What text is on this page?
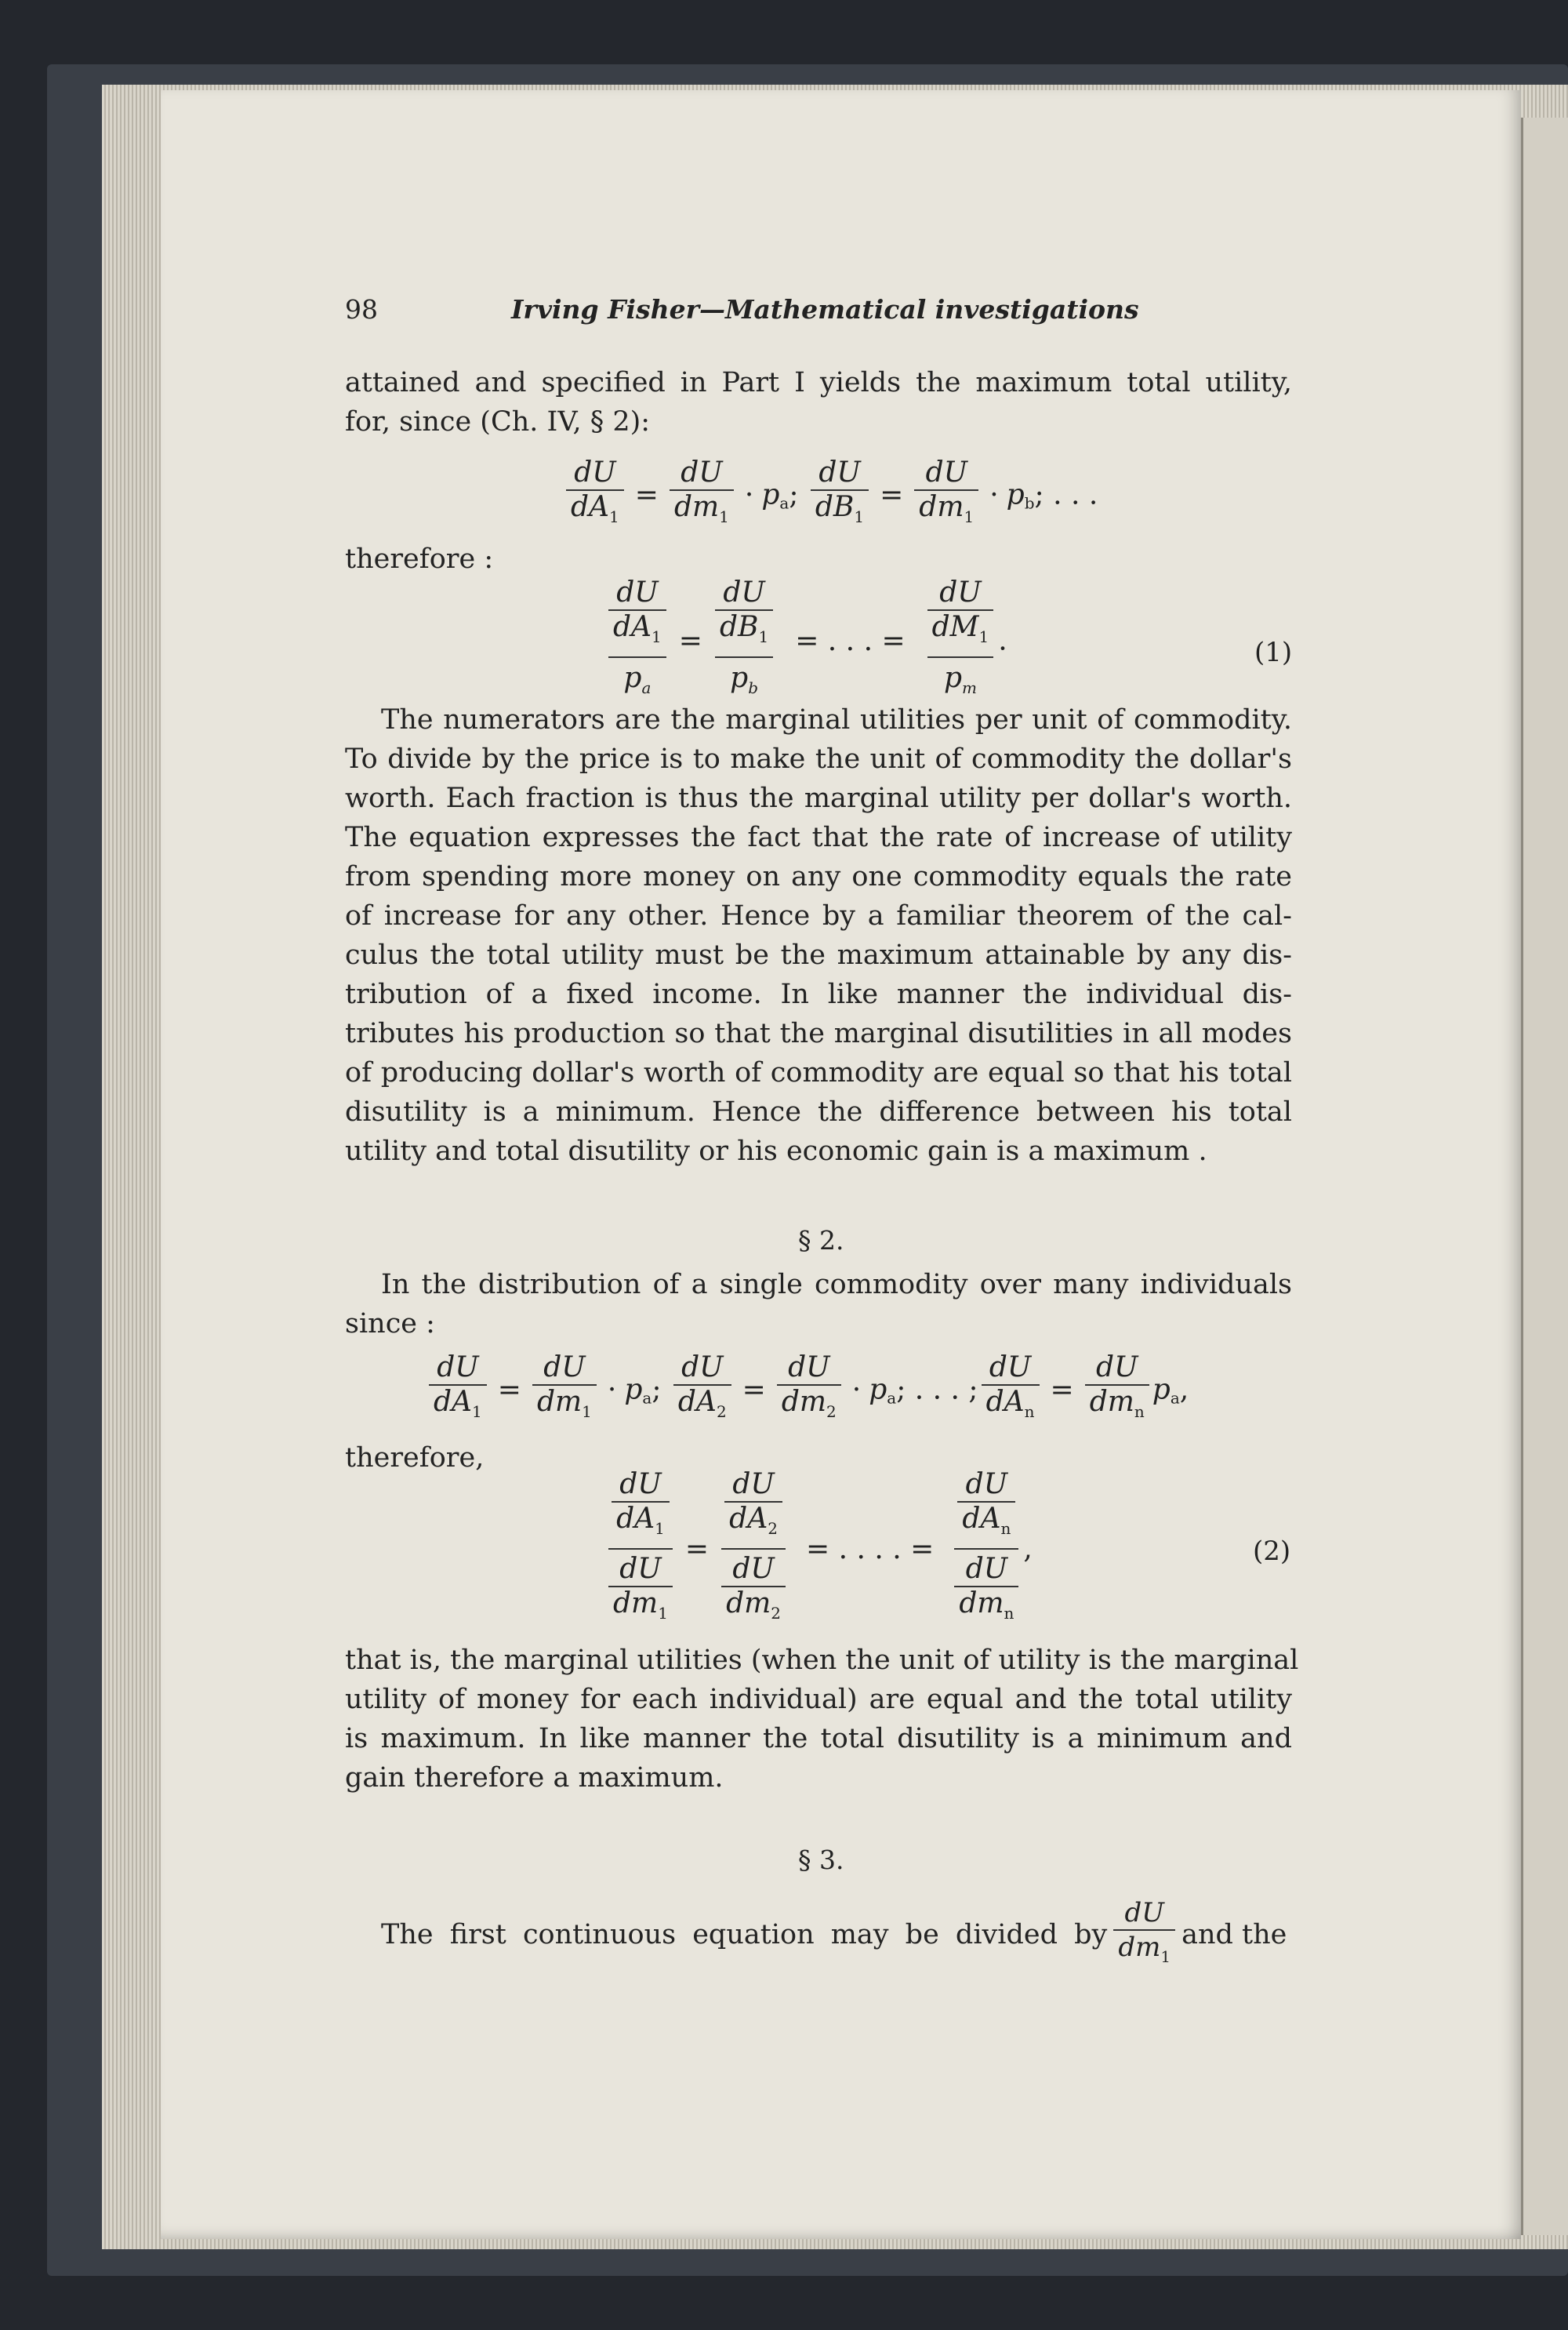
98	Irving Fisher—Mathematical investigations
attained and specified in Part I yields the maximum total utility,
for, since (Ch. IV, § 2):
$\frac{dU}{dA_1} = \frac{dU}{dm_1} \cdot p_a$; $\frac{dU}{dB_1} = \frac{dU}{dm_1} \cdot p_b$; . . .
therefore :
$\frac{dU}{dA_1}$
$p_a$
= $\frac{dU}{dB_1}$
$p_b$
= . . . = $\frac{dU}{dM_1}$
$p_m$
.	(1)
The numerators are the marginal utilities per unit of commodity.
To divide by the price is to make the unit of commodity the dollar's
worth. Each fraction is thus the marginal utility per dollar's worth.
The equation expresses the fact that the rate of increase of utility
from spending more money on any one commodity equals the rate
of increase for any other. Hence by a familiar theorem of the cal-
culus the total utility must be the maximum attainable by any dis-
tribution of a fixed income. In like manner the individual dis-
tributes his production so that the marginal disutilities in all modes
of producing dollar's worth of commodity are equal so that his total
disutility is a minimum. Hence the difference between his total
utility and total disutility or his economic gain is a maximum .
§ 2.
In the distribution of a single commodity over many individuals
since :
$\frac{dU}{dA_1} = \frac{dU}{dm_1} \cdot p_a$; $\frac{dU}{dA_2} = \frac{dU}{dm_2} \cdot p_a$; . . . ; $\frac{dU}{dA_n} = \frac{dU}{dm_n} p_a$,
therefore,
$\frac{dU}{dA_1}$
$\frac{dU}{dm_1}$
=
$\frac{dU}{dA_2}$
$\frac{dU}{dm_2}$
= . . . . =
$\frac{dU}{dA_n}$
$\frac{dU}{dm_n}$
,	(2)
that is, the marginal utilities (when the unit of utility is the marginal
utility of money for each individual) are equal and the total utility
is maximum. In like manner the total disutility is a minimum and
gain therefore a maximum.
§ 3.
The first continuous equation may be divided by $\frac{dU}{dm_1}$ and the
